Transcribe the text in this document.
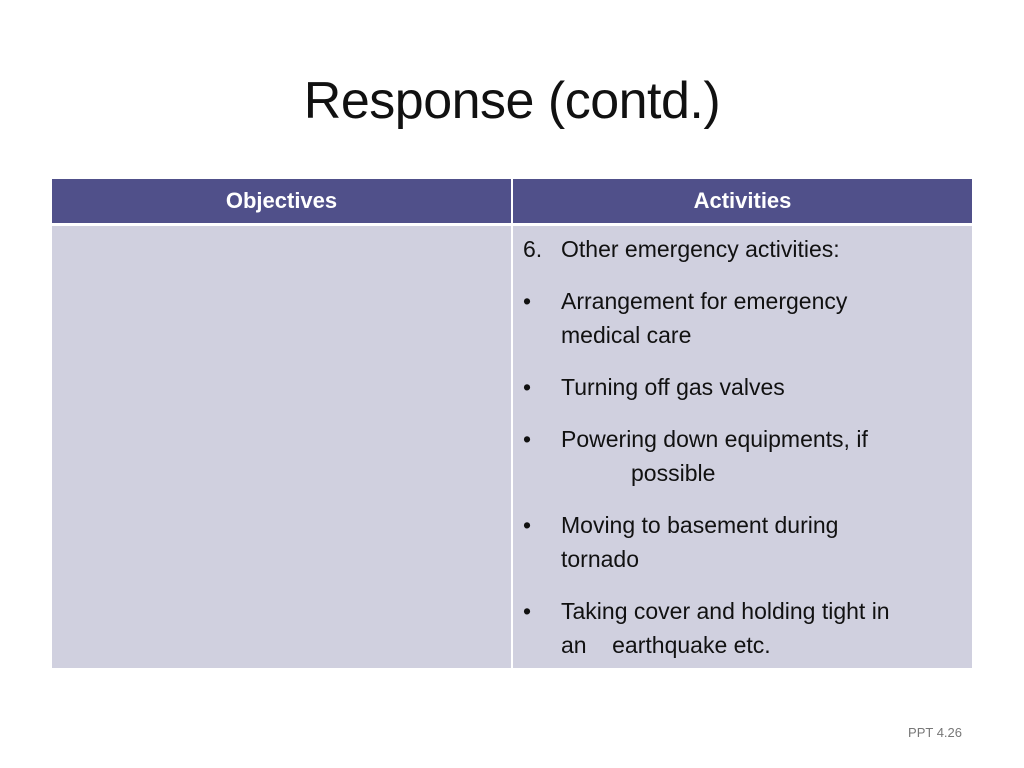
Response (contd.)
Objectives	Activities
6. Other emergency activities:
• Arrangement for emergency
medical care
• Turning off gas valves
• Powering down equipments, if
possible
• Moving to basement during
tornado
• Taking cover and holding tight in
an    earthquake etc.
PPT 4.26
